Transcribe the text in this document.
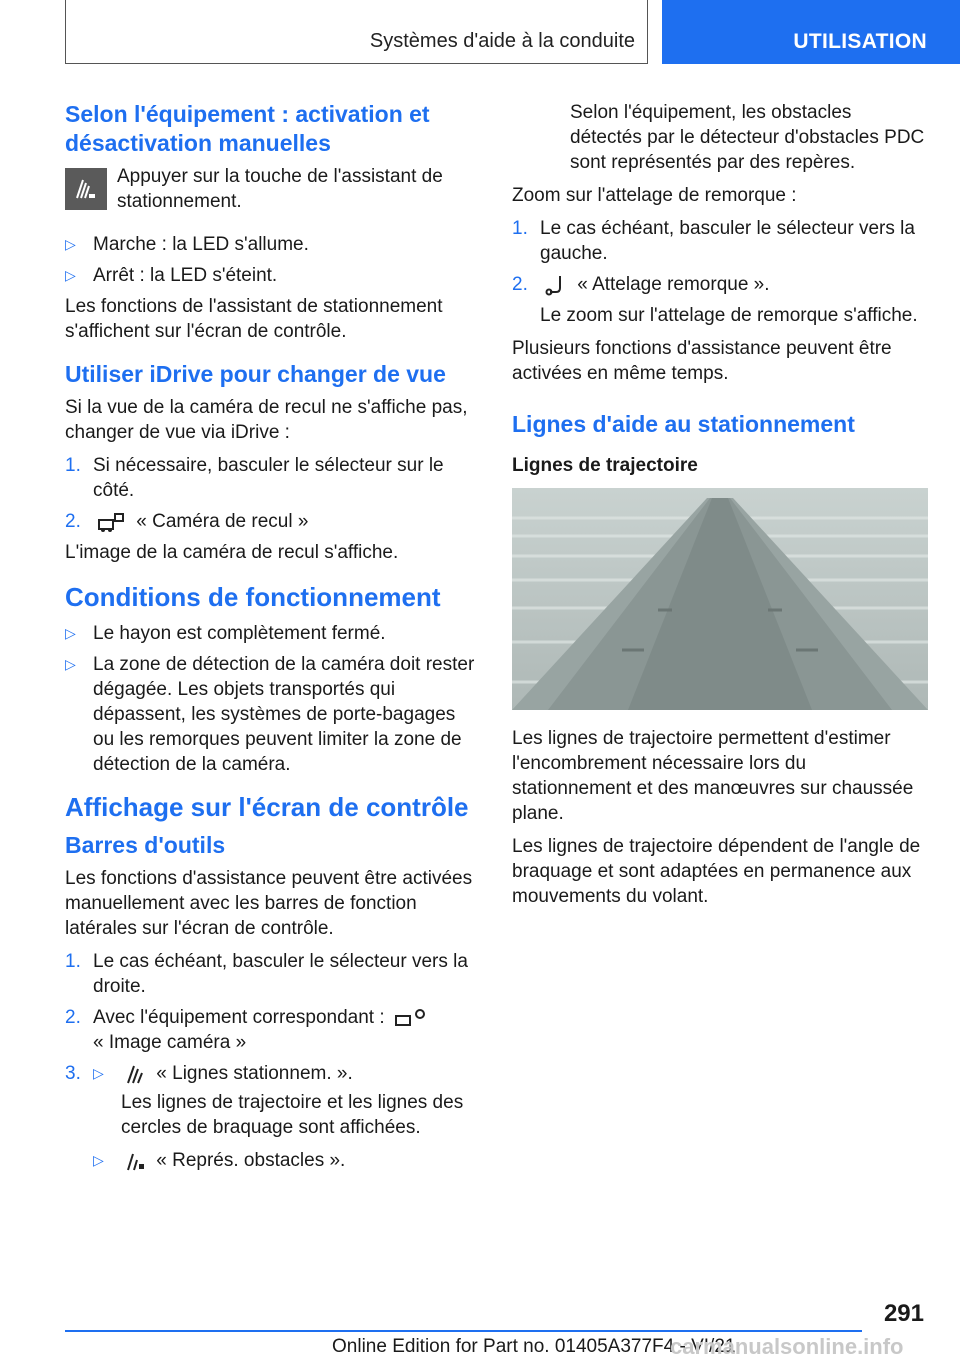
Systèmes d'aide à la conduite	UTILISATION
Selon l'équipement : activation et désactivation manuelles

Appuyer sur la touche de l'assistant de stationnement.

▷ Marche : la LED s'allume.
▷ Arrêt : la LED s'éteint.

Les fonctions de l'assistant de stationnement s'affichent sur l'écran de contrôle.

Utiliser iDrive pour changer de vue

Si la vue de la caméra de recul ne s'affiche pas, changer de vue via iDrive :

1. Si nécessaire, basculer le sélecteur sur le côté.
2.	« Caméra de recul »

L'image de la caméra de recul s'affiche.

Conditions de fonctionnement
▷ Le hayon est complètement fermé.
▷ La zone de détection de la caméra doit rester dégagée. Les objets transportés qui dépassent, les systèmes de porte-bagages ou les remorques peuvent limiter la zone de détection de la caméra.
Affichage sur l'écran de contrôle
Barres d'outils

Les fonctions d'assistance peuvent être activées manuellement avec les barres de fonction latérales sur l'écran de contrôle.

1. Le cas échéant, basculer le sélecteur vers la droite.
2. Avec l'équipement correspondant :
« Image caméra »
3. ▷	« Lignes stationnem. ».

Les lignes de trajectoire et les lignes des cercles de braquage sont affichées.

▷	« Représ. obstacles ».

Selon l'équipement, les obstacles détectés par le détecteur d'obstacles PDC sont représentés par des repères.

Zoom sur l'attelage de remorque :

1. Le cas échéant, basculer le sélecteur vers la gauche.
2.	« Attelage remorque ».

Le zoom sur l'attelage de remorque s'affiche.

Plusieurs fonctions d'assistance peuvent être activées en même temps.

Lignes d'aide au stationnement
Lignes de trajectoire

Les lignes de trajectoire permettent d'estimer l'encombrement nécessaire lors du stationnement et des manœuvres sur chaussée plane.

Les lignes de trajectoire dépendent de l'angle de braquage et sont adaptées en permanence aux mouvements du volant.

291
Online Edition for Part no. 01405A377F4 - VI/21
carmanualsonline.info
